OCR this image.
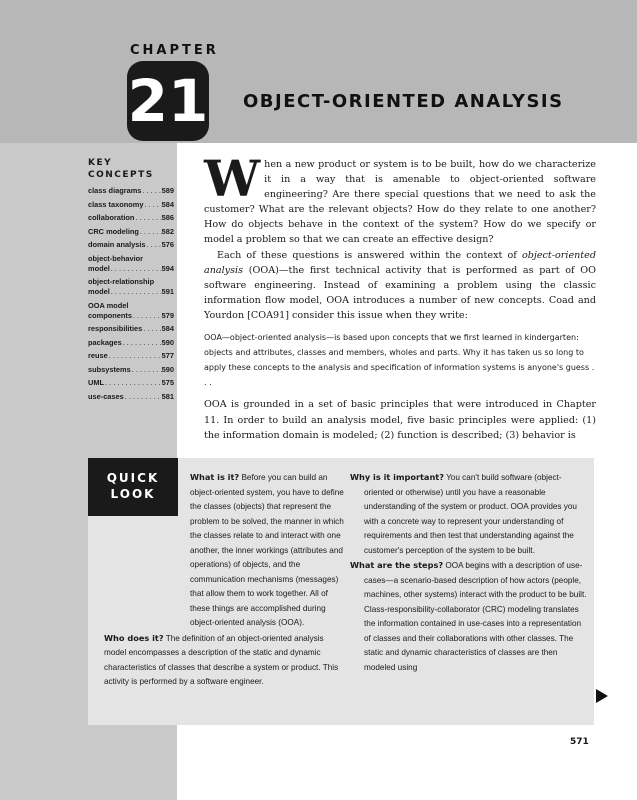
CHAPTER
21 OBJECT-ORIENTED ANALYSIS
KEY
CONCEPTS
class diagrams . . .	589
class taxonomy . . . 584
collaboration . . .	586
CRC modeling . . .	582
domain analysis . . . 576
object-behavior
model . . .	594
object-relationship
model . . .	591
OOA model
components . . .	579
responsibilities . . .	584
packages . . .	590
reuse . . .	577
subsystems . . .	590
UML . . .	575
use-cases . . .	581

When a new product or system is to be built, how do we characterize it in a way that is amenable to object-oriented software engineering? Are there special questions that we need to ask the customer? What are the relevant objects? How do they relate to one another? How do objects behave in the context of the system? How do we specify or model a problem so that we can create an effective design?

Each of these questions is answered within the context of object-oriented analysis (OOA)—the first technical activity that is performed as part of OO software engineering. Instead of examining a problem using the classic information flow model, OOA introduces a number of new concepts. Coad and Yourdon [COA91] consider this issue when they write:

OOA—object-oriented analysis—is based upon concepts that we first learned in kindergarten: objects and attributes, classes and members, wholes and parts. Why it has taken us so long to apply these concepts to the analysis and specification of information systems is anyone's guess . . .

OOA is grounded in a set of basic principles that were introduced in Chapter 11. In order to build an analysis model, five basic principles were applied: (1) the information domain is modeled; (2) function is described; (3) behavior is

QUICK
LOOK

What is it? Before you can build an object-oriented system, you have to define the classes (objects) that represent the problem to be solved, the manner in which the classes relate to and interact with one another, the inner workings (attributes and operations) of objects, and the communication mechanisms (messages) that allow them to work together. All of these things are accomplished during object-oriented analysis (OOA).

Who does it? The definition of an object-oriented analysis model encompasses a description of the static and dynamic characteristics of classes that describe a system or product. This activity is performed by a software engineer.

Why is it important? You can't build software (object-oriented or otherwise) until you have a reasonable understanding of the system or product. OOA provides you with a concrete way to represent your understanding of requirements and then test that understanding against the customer's perception of the system to be built.

What are the steps? OOA begins with a description of use-cases—a scenario-based description of how actors (people, machines, other systems) interact with the product to be built. Class-responsibility-collaborator (CRC) modeling translates the information contained in use-cases into a representation of classes and their collaborations with other classes. The static and dynamic characteristics of classes are then modeled using

571
